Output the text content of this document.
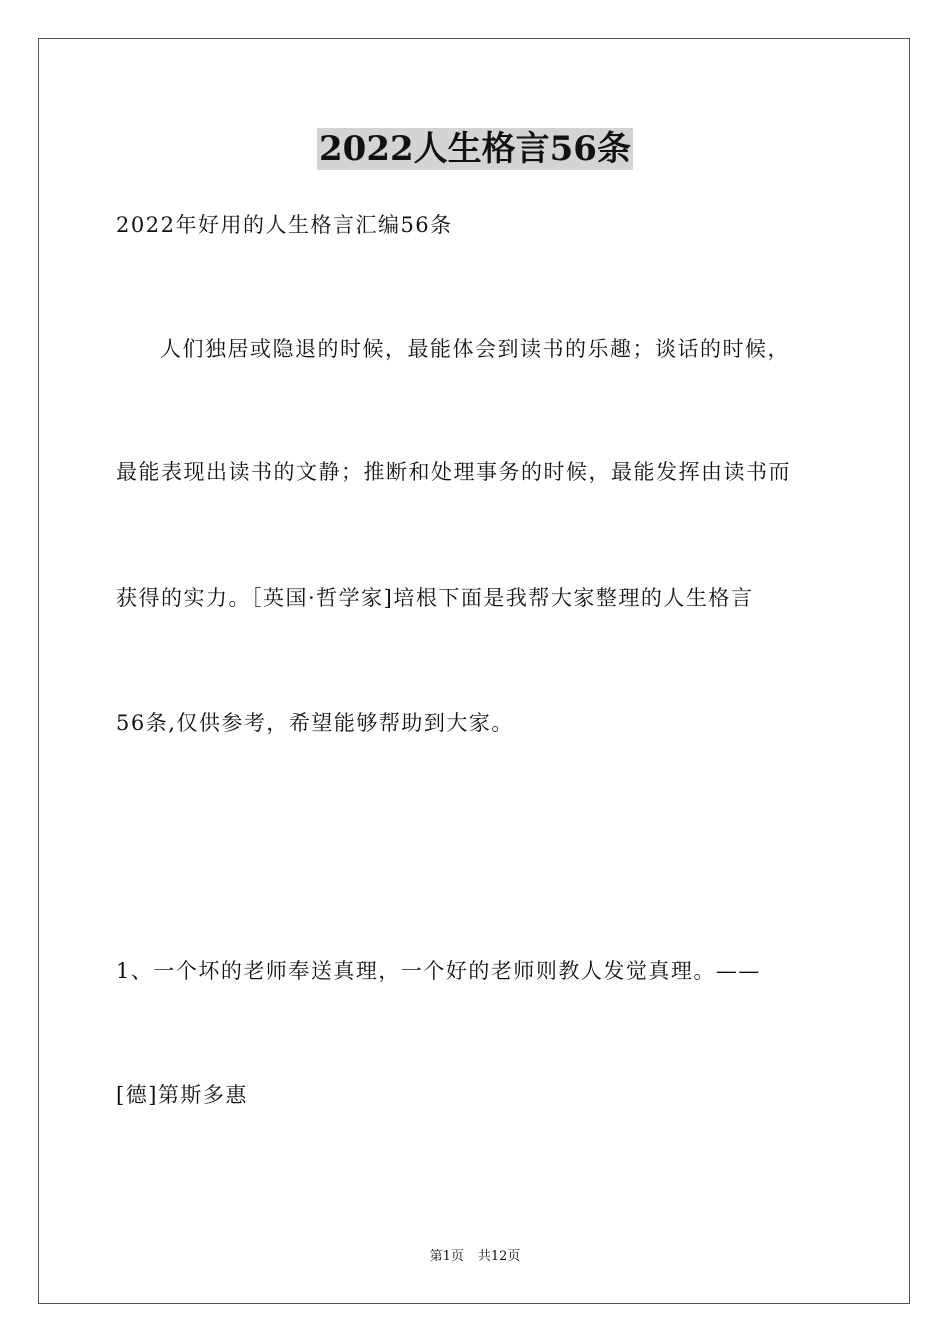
2022人生格言56条
2022年好用的人生格言汇编56条
人们独居或隐退的时候，最能体会到读书的乐趣；谈话的时候，
最能表现出读书的文静；推断和处理事务的时候，最能发挥由读书而
获得的实力。［英国·哲学家]培根下面是我帮大家整理的人生格言
56条,仅供参考，希望能够帮助到大家。
1、一个坏的老师奉送真理，一个好的老师则教人发觉真理。——
[德]第斯多惠
第1页 共12页
